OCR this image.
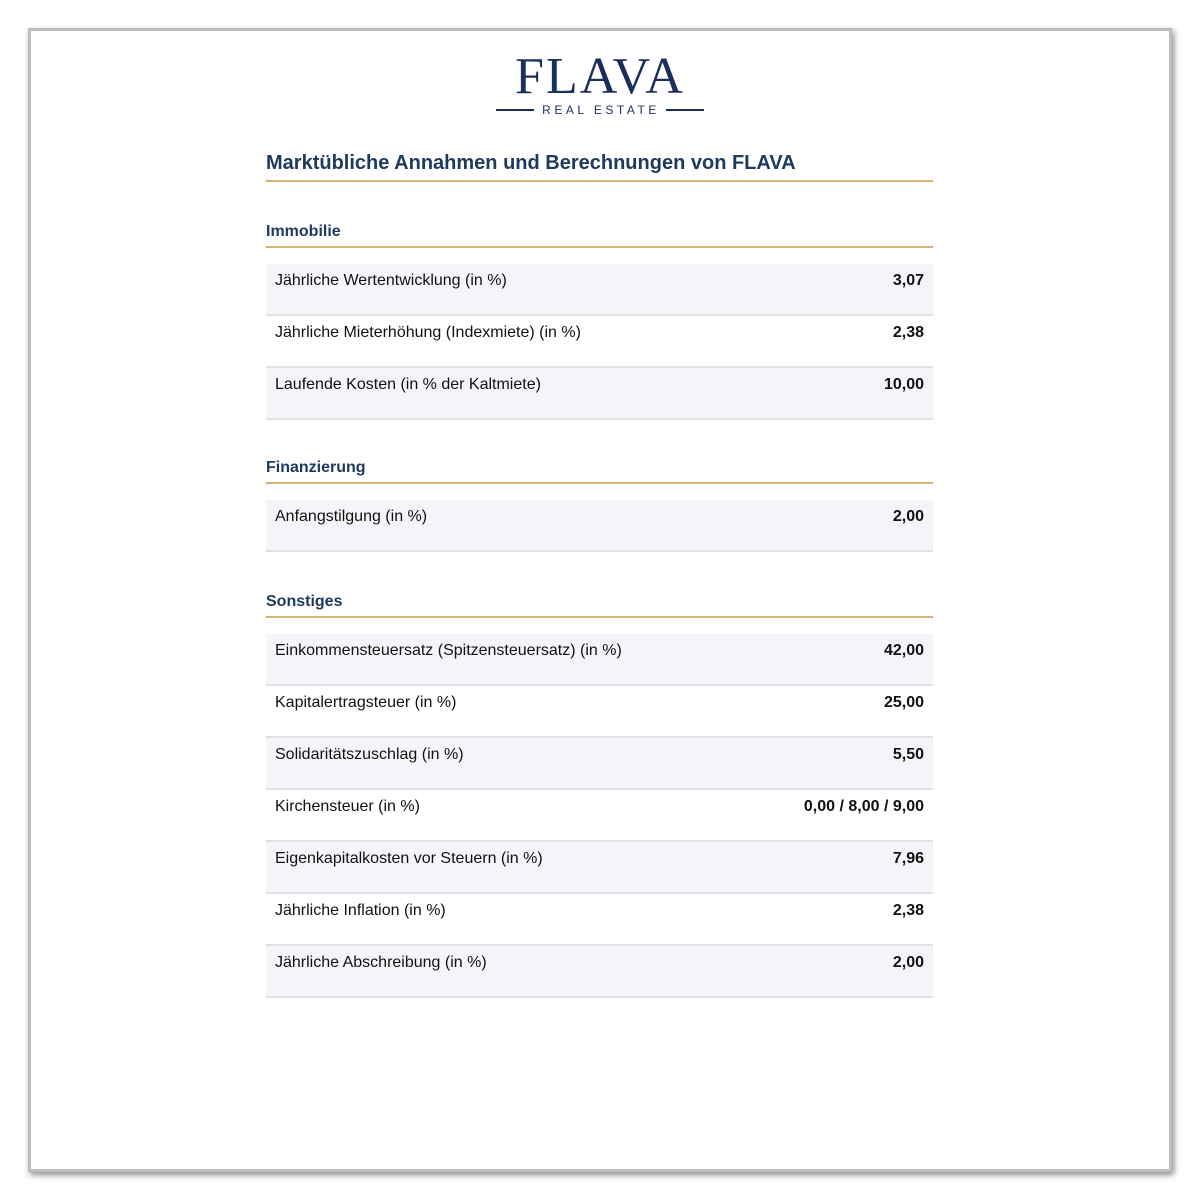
FLAVA
REAL ESTATE
Marktübliche Annahmen und Berechnungen von FLAVA
Immobilie
Jährliche Wertentwicklung (in %)	3,07
Jährliche Mieterhöhung (Indexmiete) (in %)	2,38
Laufende Kosten (in % der Kaltmiete)	10,00
Finanzierung
Anfangstilgung (in %)	2,00
Sonstiges
Einkommensteuersatz (Spitzensteuersatz) (in %)	42,00
Kapitalertragsteuer (in %)	25,00
Solidaritätszuschlag (in %)	5,50
Kirchensteuer (in %)	0,00 / 8,00 / 9,00
Eigenkapitalkosten vor Steuern (in %)	7,96
Jährliche Inflation (in %)	2,38
Jährliche Abschreibung (in %)	2,00
